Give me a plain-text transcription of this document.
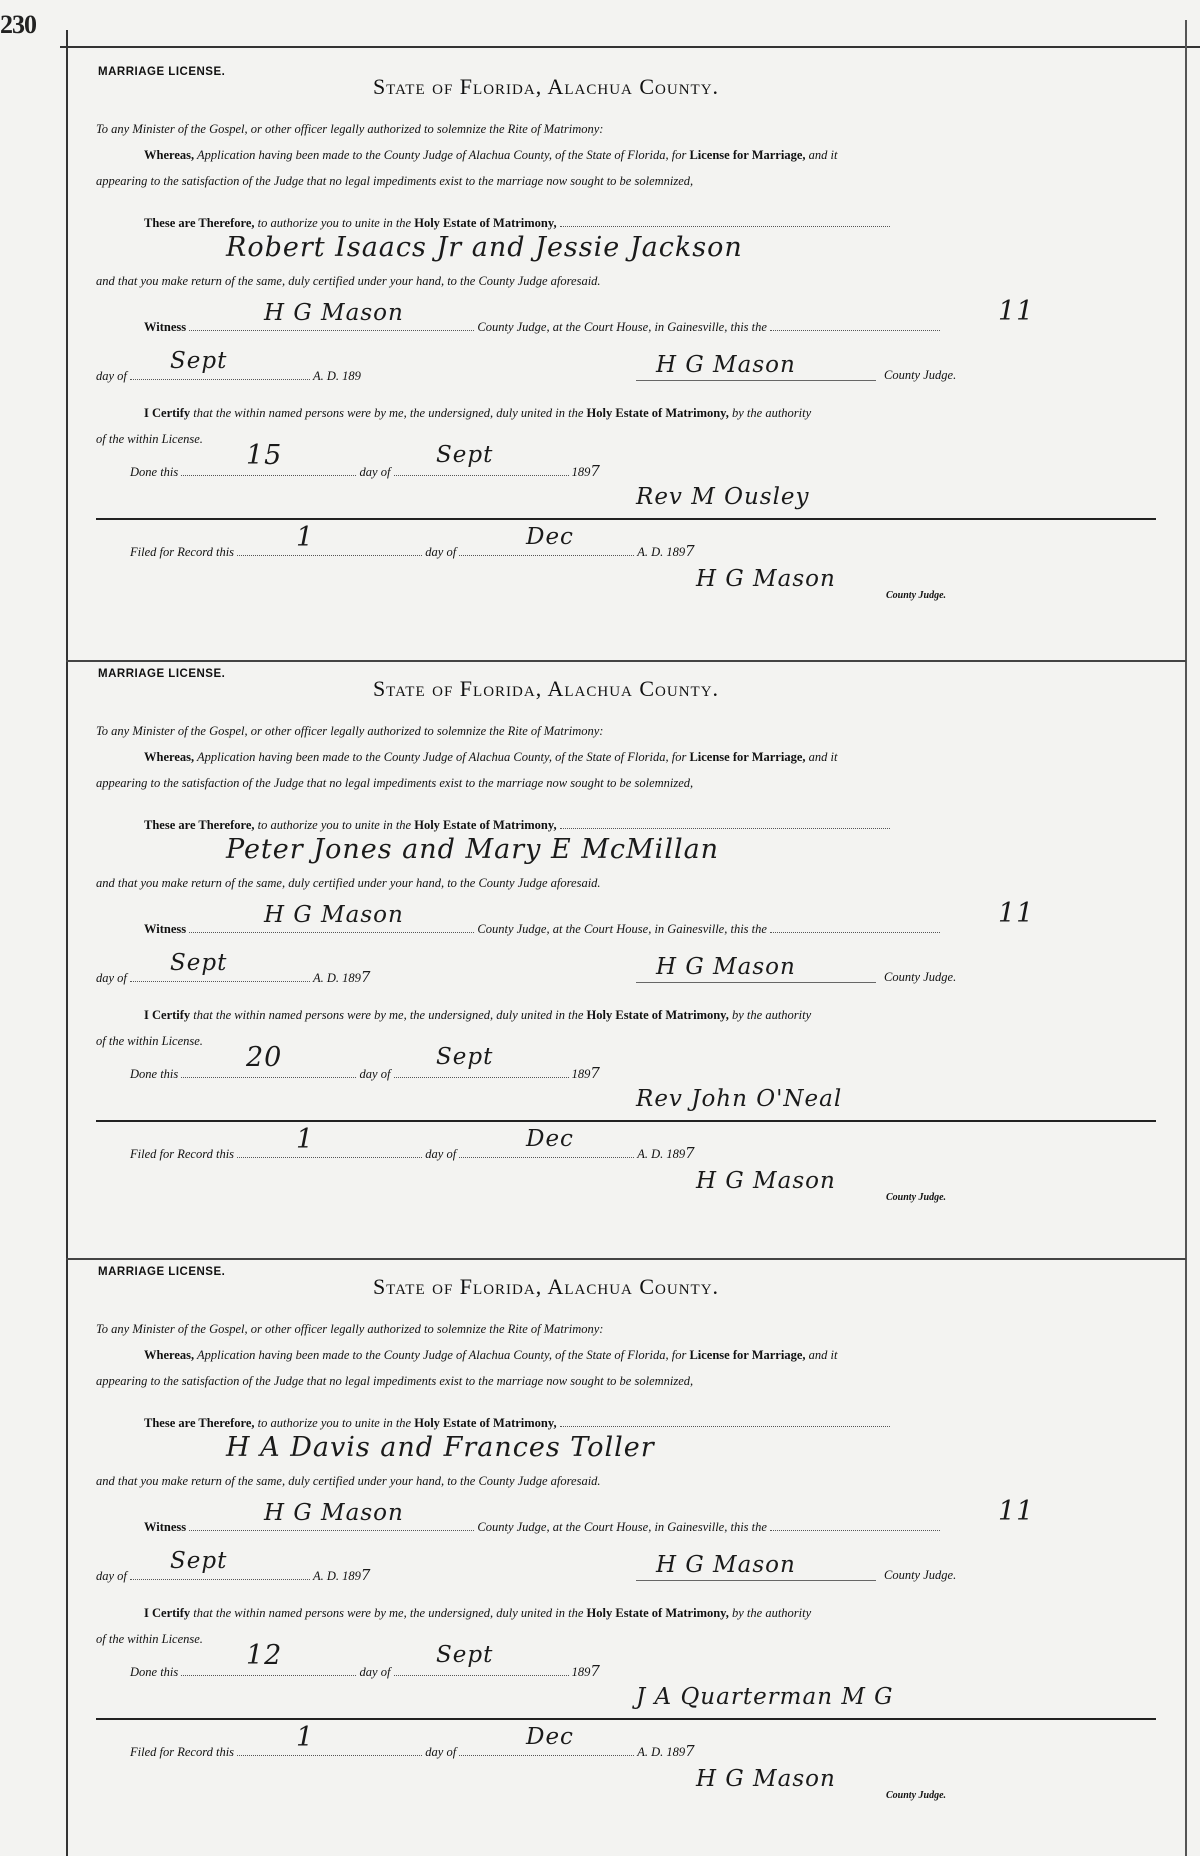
230
MARRIAGE LICENSE.
State of Florida, Alachua County.
To any Minister of the Gospel, or other officer legally authorized to solemnize the Rite of Matrimony:
Whereas, Application having been made to the County Judge of Alachua County, of the State of Florida, for License for Marriage, and it
appearing to the satisfaction of the Judge that no legal impediments exist to the marriage now sought to be solemnized,
These are Therefore, to authorize you to unite in the Holy Estate of Matrimony,
Robert Isaacs Jr and Jessie Jackson
and that you make return of the same, duly certified under your hand, to the County Judge aforesaid.
Witness	County Judge, at the Court House, in Gainesville, this the
H G Mason	11
day of	A. D. 189
Sept	H G Mason	County Judge.
I Certify that the within named persons were by me, the undersigned, duly united in the Holy Estate of Matrimony, by the authority
of the within License.
Done this	day of	1897
15	Sept
Rev M Ousley
Filed for Record this	day of	A. D. 1897
1	Dec
H G Mason
County Judge.
MARRIAGE LICENSE.
State of Florida, Alachua County.
To any Minister of the Gospel, or other officer legally authorized to solemnize the Rite of Matrimony:
Whereas, Application having been made to the County Judge of Alachua County, of the State of Florida, for License for Marriage, and it
appearing to the satisfaction of the Judge that no legal impediments exist to the marriage now sought to be solemnized,
These are Therefore, to authorize you to unite in the Holy Estate of Matrimony,
Peter Jones and Mary E McMillan
and that you make return of the same, duly certified under your hand, to the County Judge aforesaid.
Witness	County Judge, at the Court House, in Gainesville, this the
H G Mason	11
day of	A. D. 1897
Sept	H G Mason	County Judge.
I Certify that the within named persons were by me, the undersigned, duly united in the Holy Estate of Matrimony, by the authority
of the within License.
Done this	day of	1897
20	Sept
Rev John O'Neal
Filed for Record this	day of	A. D. 1897
1	Dec
H G Mason
County Judge.
MARRIAGE LICENSE.
State of Florida, Alachua County.
To any Minister of the Gospel, or other officer legally authorized to solemnize the Rite of Matrimony:
Whereas, Application having been made to the County Judge of Alachua County, of the State of Florida, for License for Marriage, and it
appearing to the satisfaction of the Judge that no legal impediments exist to the marriage now sought to be solemnized,
These are Therefore, to authorize you to unite in the Holy Estate of Matrimony,
H A Davis and Frances Toller
and that you make return of the same, duly certified under your hand, to the County Judge aforesaid.
Witness	County Judge, at the Court House, in Gainesville, this the
H G Mason	11
day of	A. D. 1897
Sept	H G Mason	County Judge.
I Certify that the within named persons were by me, the undersigned, duly united in the Holy Estate of Matrimony, by the authority
of the within License.
Done this	day of	1897
12	Sept
J A Quarterman M G
Filed for Record this	day of	A. D. 1897
1	Dec
H G Mason
County Judge.
